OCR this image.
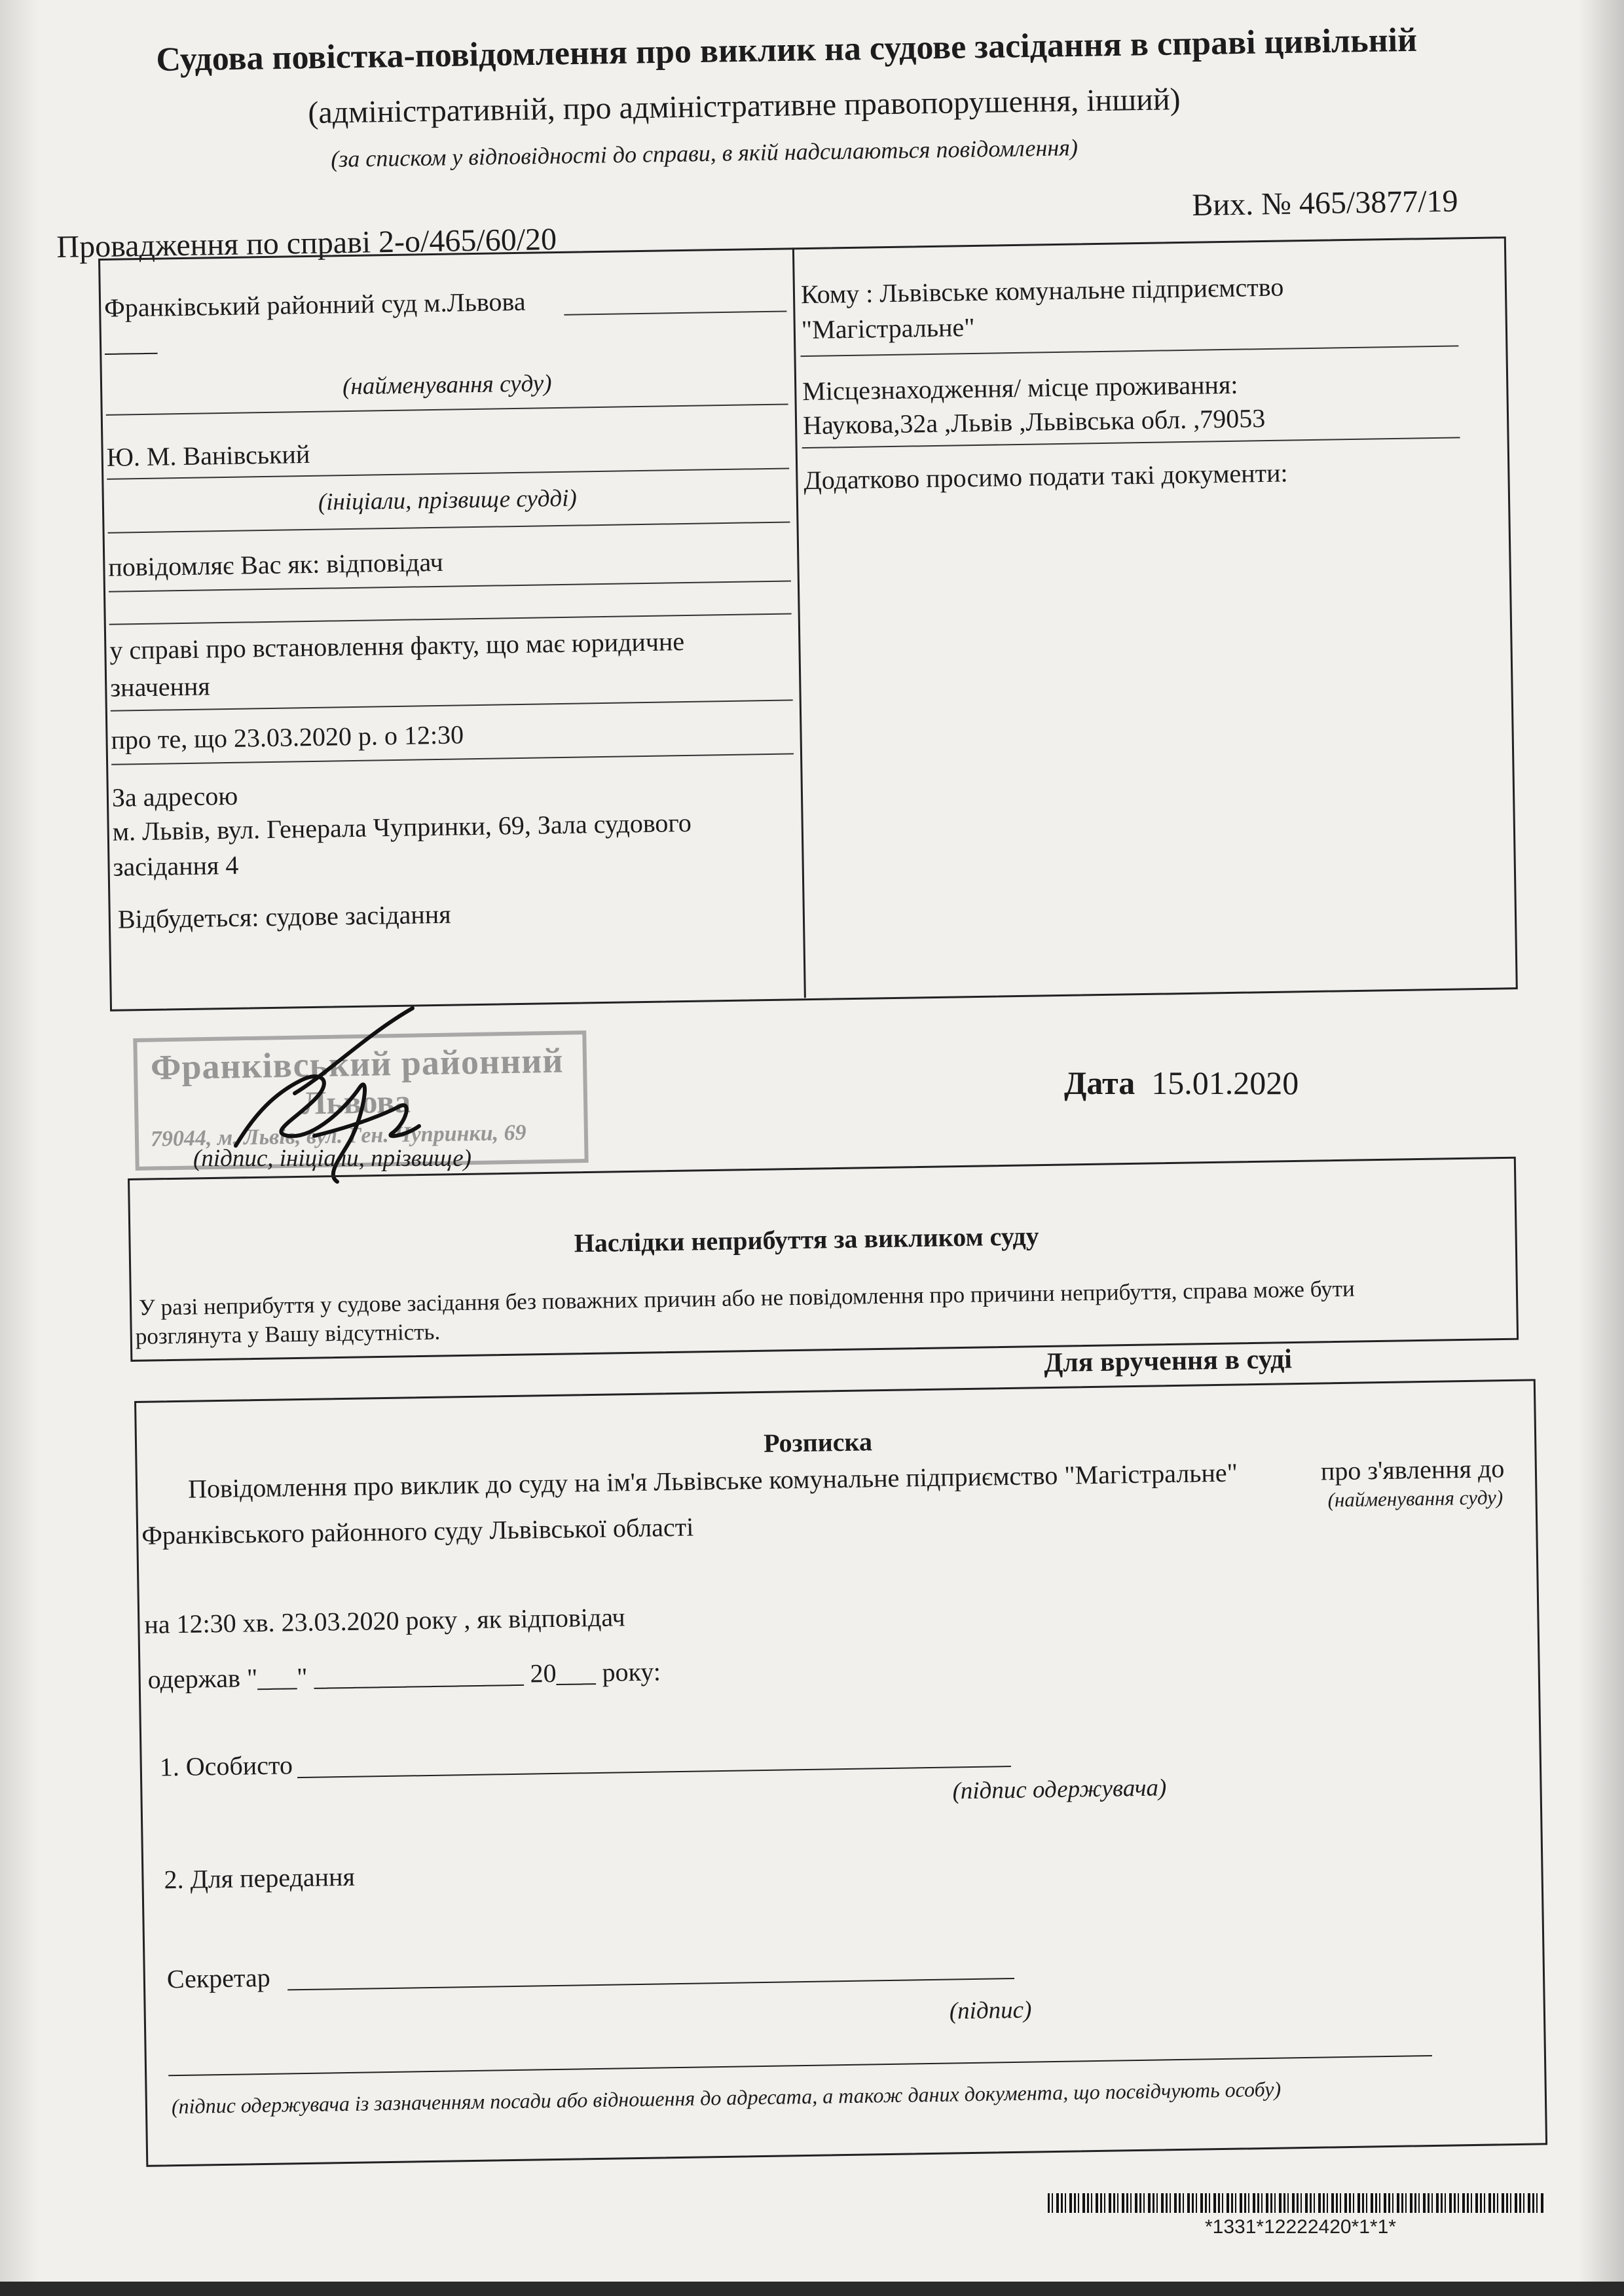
Судова повістка-повідомлення про виклик на судове засідання в справі цивільній
(адміністративній, про адміністративне правопорушення, інший)
(за списком у відповідності до справи, в якій надсилаються повідомлення)
Вих. № 465/3877/19
Провадження по справі 2-о/465/60/20
Франківський районний суд м.Львова
____
(найменування суду)
Ю. М. Ванівський
(ініціали, прізвище судді)
повідомляє Вас як: відповідач
у справі про встановлення факту, що має юридичне
значення
про те, що 23.03.2020 р. о 12:30
За адресою
м. Львів, вул. Генерала Чупринки, 69, Зала судового
засідання 4
Відбудеться: судове засідання
Кому : Львівське комунальне підприємство
"Магістральне"
Місцезнаходження/ місце проживання:
Наукова,32а ,Львів ,Львівська обл. ,79053
Додатково просимо подати такі документи:
Франківський районний
Львова
79044, м. Львів, вул. Ген. Чупринки, 69
(підпис, ініціали, прізвище)
Дата 15.01.2020
Наслідки неприбуття за викликом суду
У разі неприбуття у судове засідання без поважних причин або не повідомлення про причини неприбуття, справа може бути
розглянута у Вашу відсутність.
Для вручення в суді
Розписка
Повідомлення про виклик до суду на ім'я Львівське комунальне підприємство "Магістральне"	про з'явлення до
(найменування суду)
Франківського районного суду Львівської області
на 12:30 хв. 23.03.2020 року , як відповідач
одержав "___" ________________ 20___ року:
1. Особисто
(підпис одержувача)
2. Для передання
Секретар
(підпис)
(підпис одержувача із зазначенням посади або відношення до адресата, а також даних документа, що посвідчують особу)
*1331*12222420*1*1*
